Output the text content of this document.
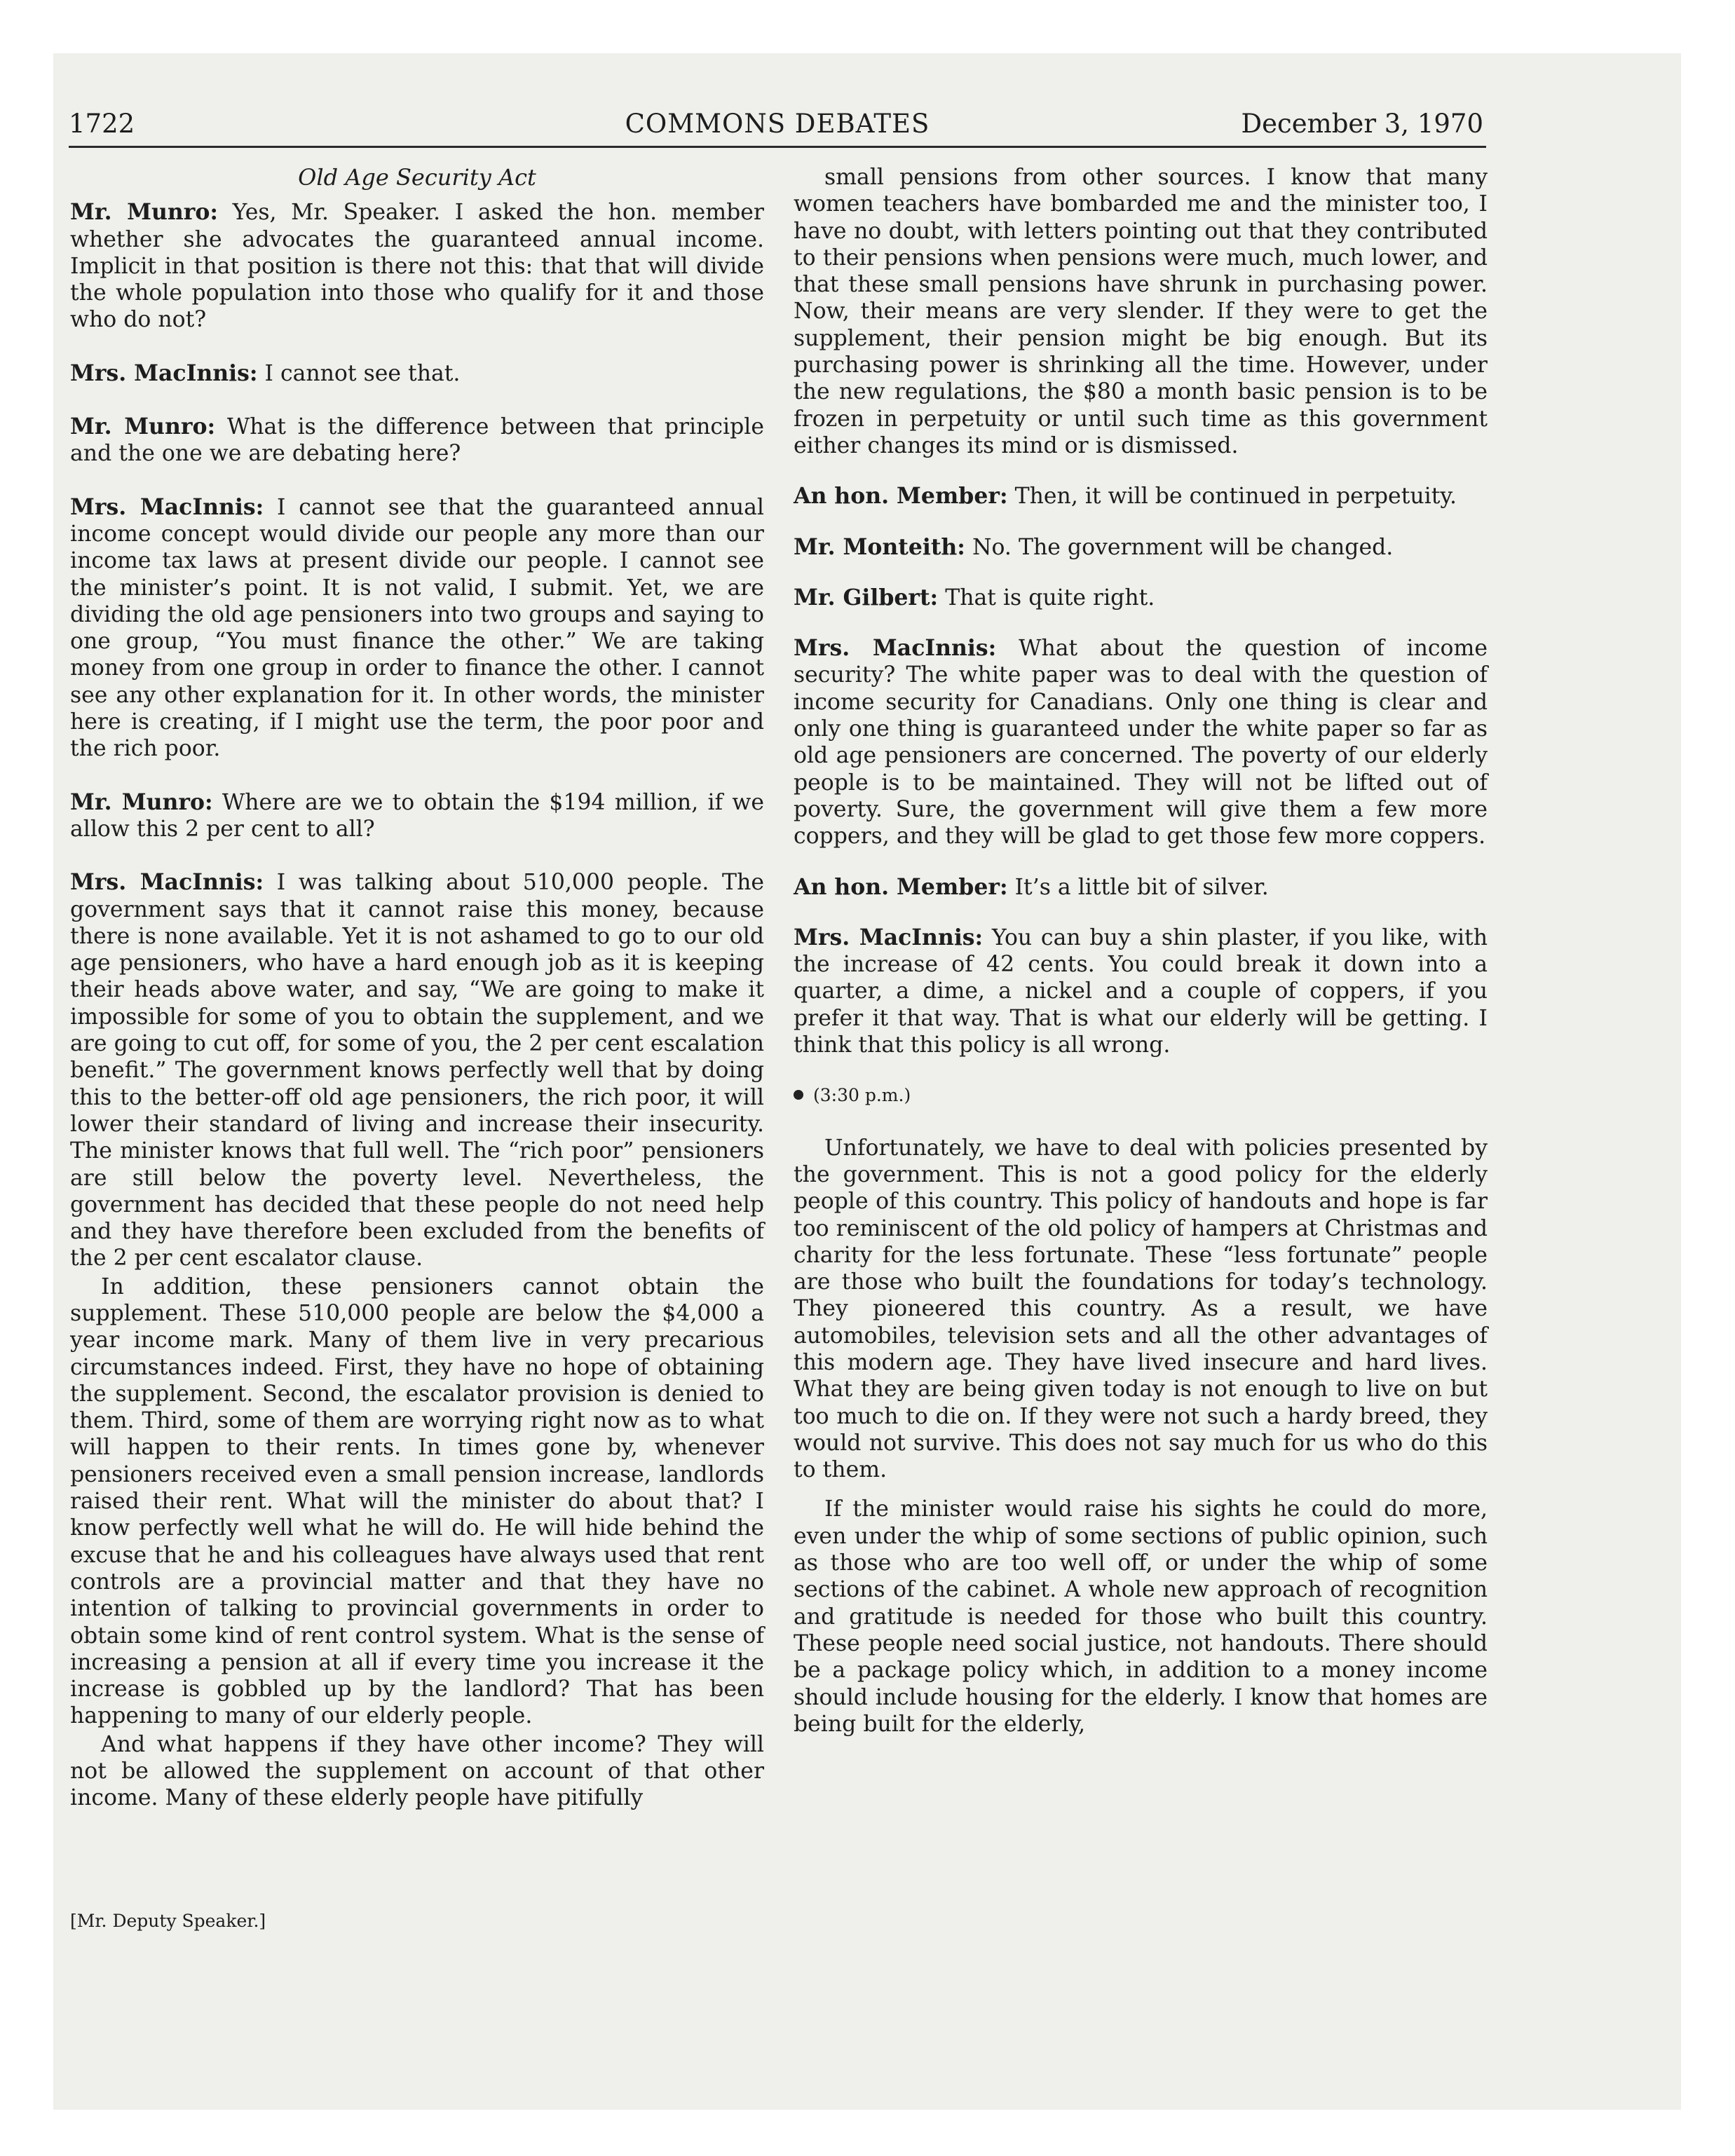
1722	COMMONS DEBATES	December 3, 1970
Old Age Security Act

Mr. Munro: Yes, Mr. Speaker. I asked the hon. member whether she advocates the guaranteed annual income. Implicit in that position is there not this: that that will divide the whole population into those who qualify for it and those who do not?

Mrs. MacInnis: I cannot see that.

Mr. Munro: What is the difference between that principle and the one we are debating here?

Mrs. MacInnis: I cannot see that the guaranteed annual income concept would divide our people any more than our income tax laws at present divide our people. I cannot see the minister’s point. It is not valid, I submit. Yet, we are dividing the old age pensioners into two groups and saying to one group, “You must finance the other.” We are taking money from one group in order to finance the other. I cannot see any other explanation for it. In other words, the minister here is creating, if I might use the term, the poor poor and the rich poor.

Mr. Munro: Where are we to obtain the $194 million, if we allow this 2 per cent to all?

Mrs. MacInnis: I was talking about 510,000 people. The government says that it cannot raise this money, because there is none available. Yet it is not ashamed to go to our old age pensioners, who have a hard enough job as it is keeping their heads above water, and say, “We are going to make it impossible for some of you to obtain the supplement, and we are going to cut off, for some of you, the 2 per cent escalation benefit.” The government knows perfectly well that by doing this to the better-off old age pensioners, the rich poor, it will lower their standard of living and increase their insecurity. The minister knows that full well. The “rich poor” pensioners are still below the poverty level. Nevertheless, the government has decided that these people do not need help and they have therefore been excluded from the benefits of the 2 per cent escalator clause.

In addition, these pensioners cannot obtain the supplement. These 510,000 people are below the $4,000 a year income mark. Many of them live in very precarious circumstances indeed. First, they have no hope of obtaining the supplement. Second, the escalator provision is denied to them. Third, some of them are worrying right now as to what will happen to their rents. In times gone by, whenever pensioners received even a small pension increase, landlords raised their rent. What will the minister do about that? I know perfectly well what he will do. He will hide behind the excuse that he and his colleagues have always used that rent controls are a provincial matter and that they have no intention of talking to provincial governments in order to obtain some kind of rent control system. What is the sense of increasing a pension at all if every time you increase it the increase is gobbled up by the landlord? That has been happening to many of our elderly people.

And what happens if they have other income? They will not be allowed the supplement on account of that other income. Many of these elderly people have pitifully

small pensions from other sources. I know that many women teachers have bombarded me and the minister too, I have no doubt, with letters pointing out that they contributed to their pensions when pensions were much, much lower, and that these small pensions have shrunk in purchasing power. Now, their means are very slender. If they were to get the supplement, their pension might be big enough. But its purchasing power is shrinking all the time. However, under the new regulations, the $80 a month basic pension is to be frozen in perpetuity or until such time as this government either changes its mind or is dismissed.

An hon. Member: Then, it will be continued in perpetuity.

Mr. Monteith: No. The government will be changed.

Mr. Gilbert: That is quite right.

Mrs. MacInnis: What about the question of income security? The white paper was to deal with the question of income security for Canadians. Only one thing is clear and only one thing is guaranteed under the white paper so far as old age pensioners are concerned. The poverty of our elderly people is to be maintained. They will not be lifted out of poverty. Sure, the government will give them a few more coppers, and they will be glad to get those few more coppers.

An hon. Member: It’s a little bit of silver.

Mrs. MacInnis: You can buy a shin plaster, if you like, with the increase of 42 cents. You could break it down into a quarter, a dime, a nickel and a couple of coppers, if you prefer it that way. That is what our elderly will be getting. I think that this policy is all wrong.

(3:30 p.m.)

Unfortunately, we have to deal with policies presented by the government. This is not a good policy for the elderly people of this country. This policy of handouts and hope is far too reminiscent of the old policy of hampers at Christmas and charity for the less fortunate. These “less fortunate” people are those who built the foundations for today’s technology. They pioneered this country. As a result, we have automobiles, television sets and all the other advantages of this modern age. They have lived insecure and hard lives. What they are being given today is not enough to live on but too much to die on. If they were not such a hardy breed, they would not survive. This does not say much for us who do this to them.

If the minister would raise his sights he could do more, even under the whip of some sections of public opinion, such as those who are too well off, or under the whip of some sections of the cabinet. A whole new approach of recognition and gratitude is needed for those who built this country. These people need social justice, not handouts. There should be a package policy which, in addition to a money income should include housing for the elderly. I know that homes are being built for the elderly,

[Mr. Deputy Speaker.]
